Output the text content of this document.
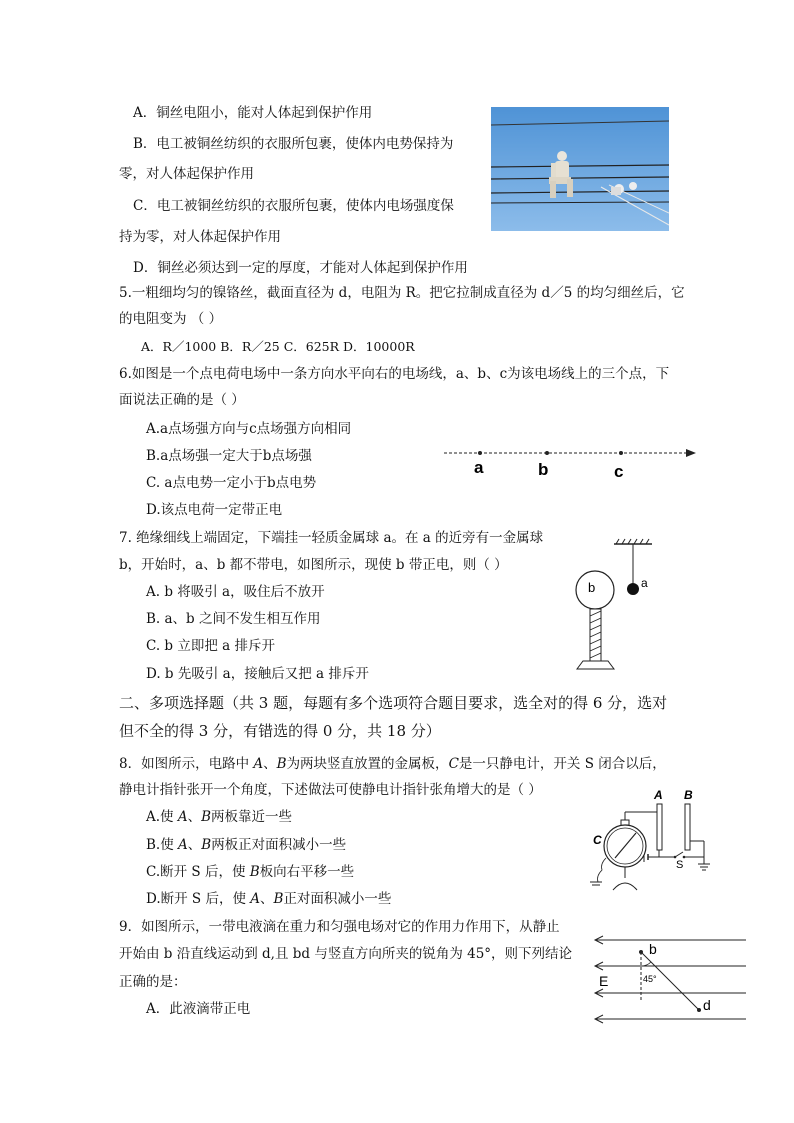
A．铜丝电阻小，能对人体起到保护作用
B．电工被铜丝纺织的衣服所包裹，使体内电势保持为
零，对人体起保护作用
C．电工被铜丝纺织的衣服所包裹，使体内电场强度保
持为零，对人体起保护作用
D．铜丝必须达到一定的厚度，才能对人体起到保护作用
5.一粗细均匀的镍铬丝，截面直径为 d，电阻为 R。把它拉制成直径为 d／5 的均匀细丝后，它
的电阻变为 （ ）
A．R／1000 B．R／25 C．625R D．10000R
6.如图是一个点电荷电场中一条方向水平向右的电场线，a、b、c为该电场线上的三个点，下
面说法正确的是（ ）
A.a点场强方向与c点场强方向相同
B.a点场强一定大于b点场强
C. a点电势一定小于b点电势
D.该点电荷一定带正电
a	b	c
7. 绝缘细线上端固定，下端挂一轻质金属球 a。在 a 的近旁有一金属球
b，开始时，a、b 都不带电，如图所示，现使 b 带正电，则（ ）
A. b 将吸引 a，吸住后不放开
B. a、b 之间不发生相互作用
C. b 立即把 a 排斥开
D. b 先吸引 a，接触后又把 a 排斥开
a
b
二、多项选择题（共 3 题，每题有多个选项符合题目要求，选全对的得 6 分，选对
但不全的得 3 分，有错选的得 0 分，共 18 分）
8．如图所示，电路中 A、B为两块竖直放置的金属板，C是一只静电计，开关 S 闭合以后，
静电计指针张开一个角度，下述做法可使静电计指针张角增大的是（ ）
A.使 A、B两板靠近一些
B.使 A、B两板正对面积减小一些
C.断开 S 后，使 B板向右平移一些
D.断开 S 后，使 A、B正对面积减小一些
A B
C
S
9．如图所示，一带电液滴在重力和匀强电场对它的作用力作用下，从静止
开始由 b 沿直线运动到 d,且 bd 与竖直方向所夹的锐角为 45°，则下列结论
正确的是：
A．此液滴带正电
E
b
45°
d
